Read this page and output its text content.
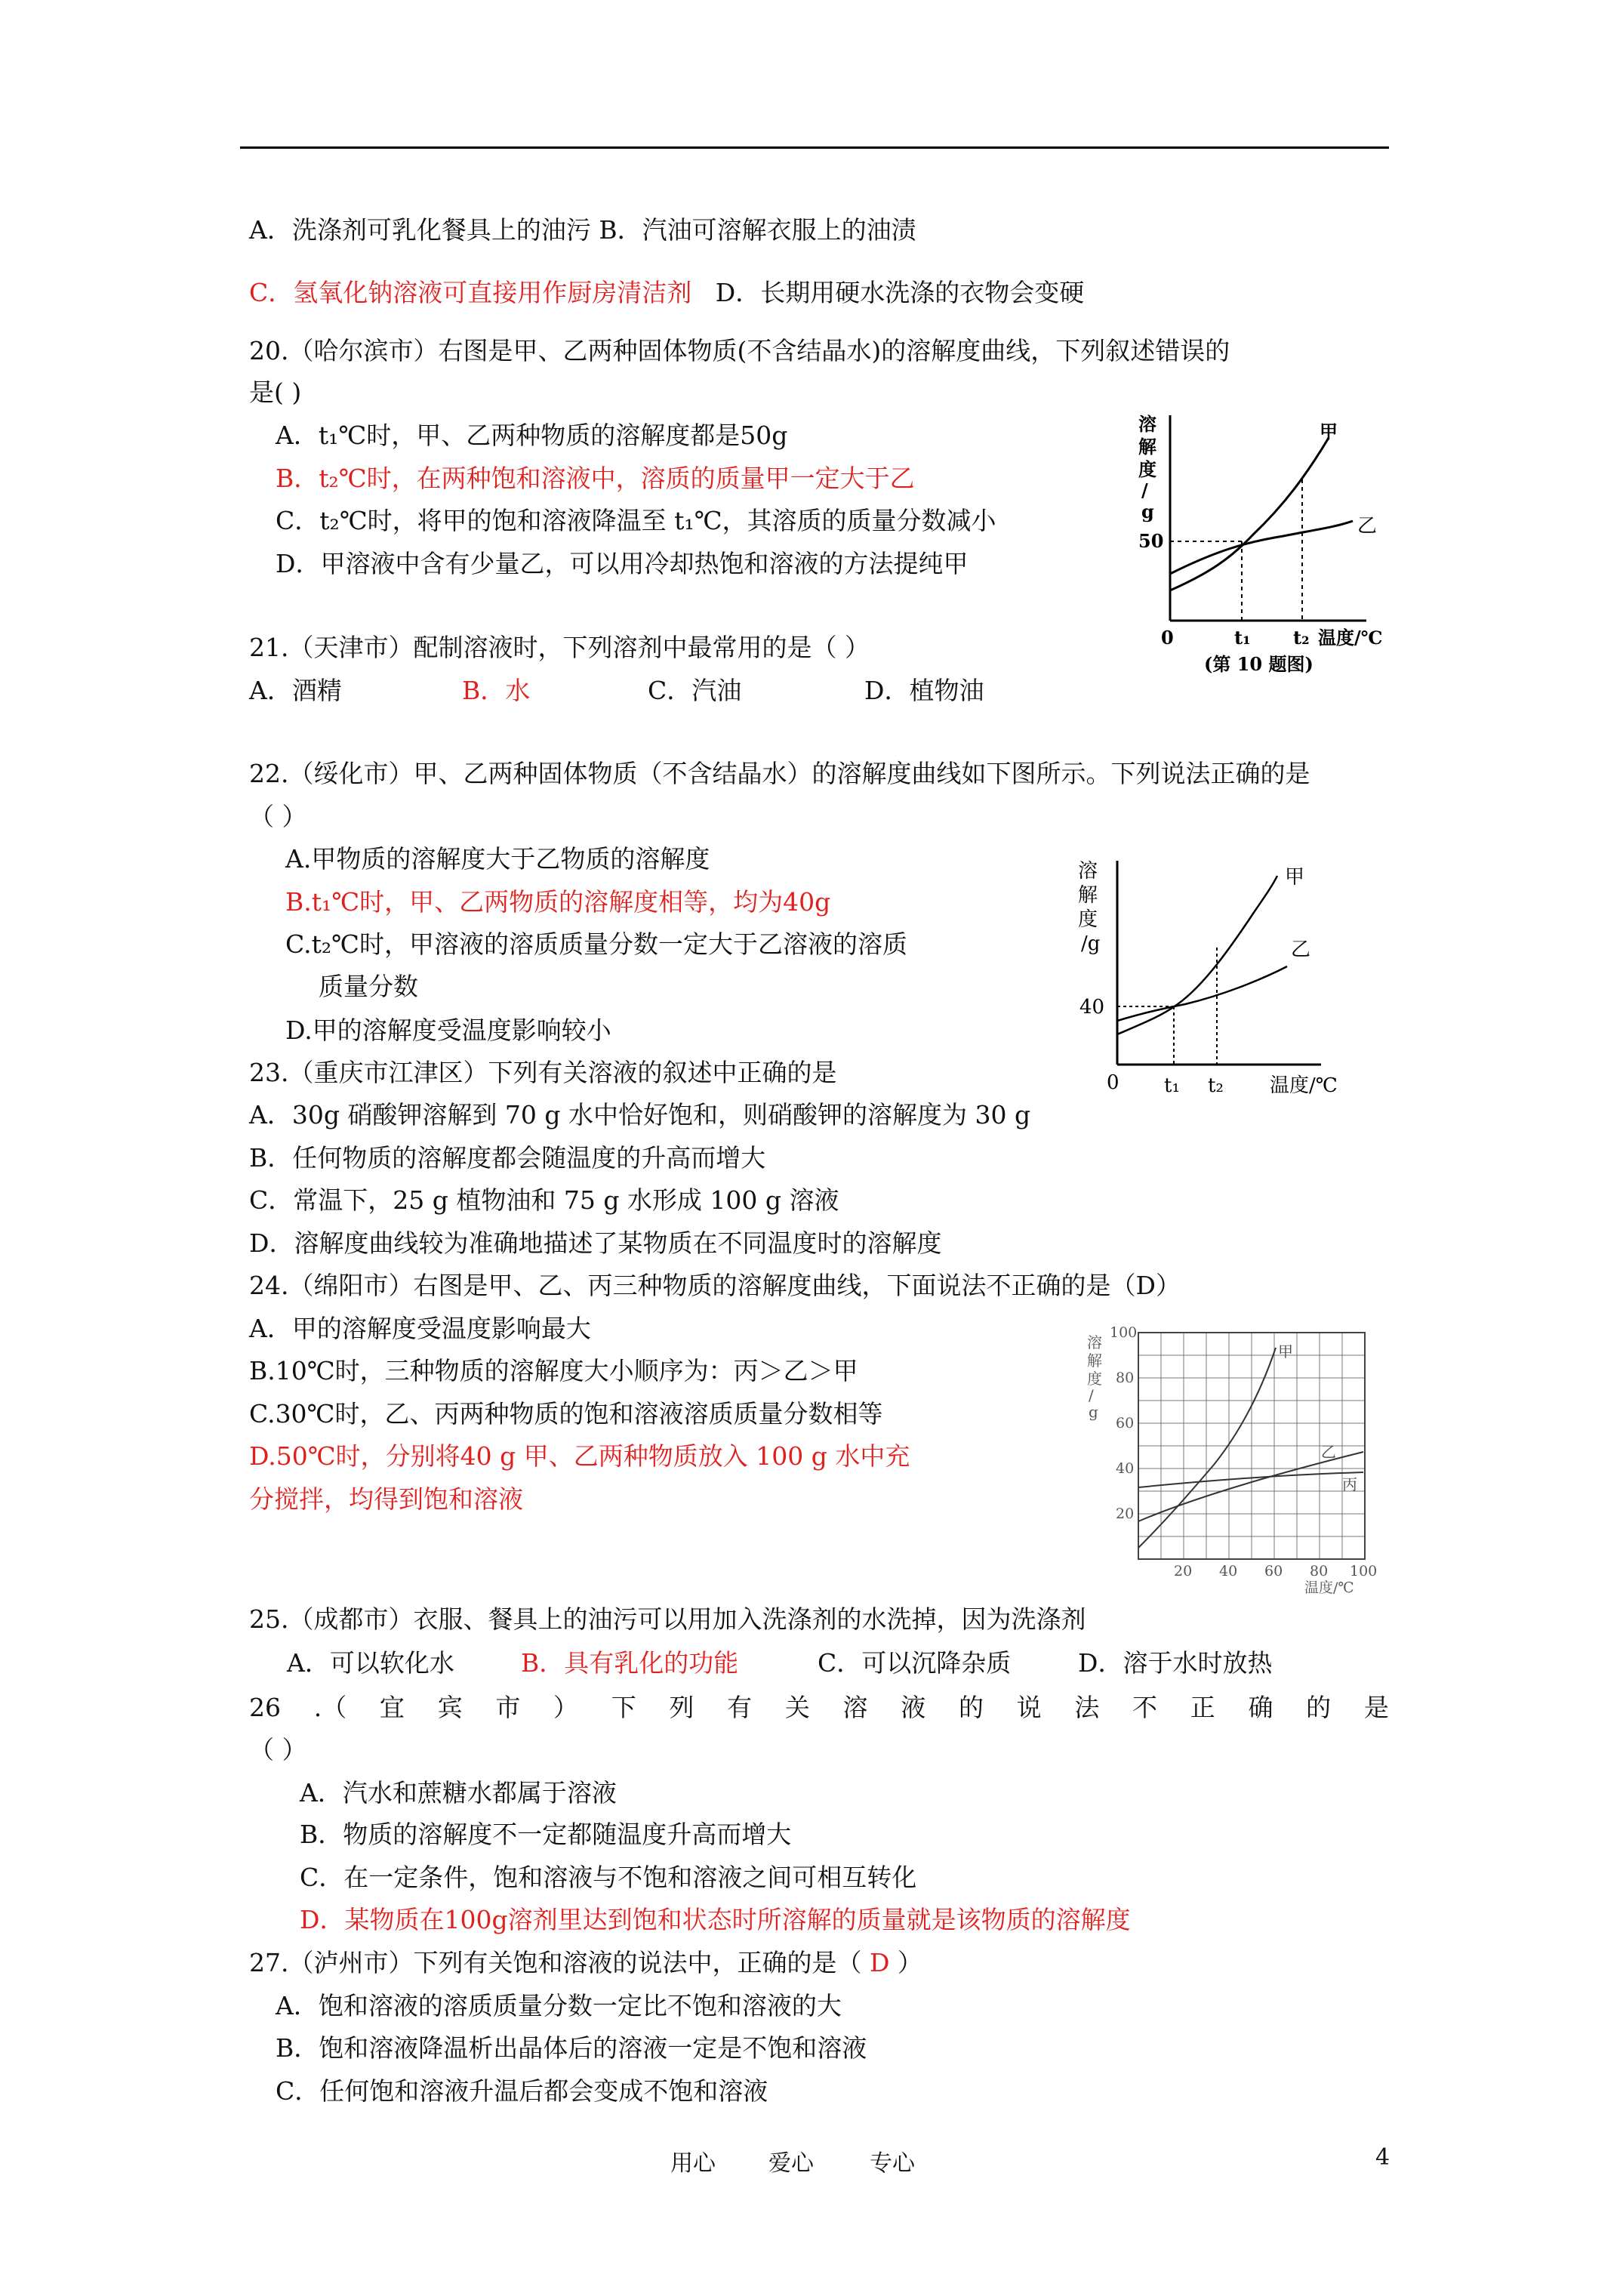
A．洗涤剂可乳化餐具上的油污 B．汽油可溶解衣服上的油渍
C．氢氧化钠溶液可直接用作厨房清洁剂 D．长期用硬水洗涤的衣物会变硬
20.（哈尔滨市）右图是甲、乙两种固体物质(不含结晶水)的溶解度曲线，下列叙述错误的
是( )
A．t₁℃时，甲、乙两种物质的溶解度都是50g
B．t₂℃时，在两种饱和溶液中，溶质的质量甲一定大于乙
C．t₂℃时，将甲的饱和溶液降温至 t₁℃，其溶质的质量分数减小
D．甲溶液中含有少量乙，可以用冷却热饱和溶液的方法提纯甲
溶
解
度
/
g
50
甲
乙
0	t₁ t₂ 温度/℃
(第 10 题图)
21.（天津市）配制溶液时，下列溶剂中最常用的是（ ）
A．酒精	B．水	C．汽油	D．植物油
22.（绥化市）甲、乙两种固体物质（不含结晶水）的溶解度曲线如下图所示。下列说法正确的是
（ ）
A.甲物质的溶解度大于乙物质的溶解度
B.t₁℃时，甲、乙两物质的溶解度相等，均为40g
C.t₂℃时，甲溶液的溶质质量分数一定大于乙溶液的溶质
质量分数
D.甲的溶解度受温度影响较小
溶
解
度
/g
40
甲
乙
0 t₁ t₂ 温度/℃
23.（重庆市江津区）下列有关溶液的叙述中正确的是
A．30g 硝酸钾溶解到 70 g 水中恰好饱和，则硝酸钾的溶解度为 30 g
B．任何物质的溶解度都会随温度的升高而增大
C．常温下，25 g 植物油和 75 g 水形成 100 g 溶液
D．溶解度曲线较为准确地描述了某物质在不同温度时的溶解度
24.（绵阳市）右图是甲、乙、丙三种物质的溶解度曲线，下面说法不正确的是（D）
A．甲的溶解度受温度影响最大
B.10℃时，三种物质的溶解度大小顺序为：丙＞乙＞甲
C.30℃时，乙、丙两种物质的饱和溶液溶质质量分数相等
D.50℃时，分别将40 g 甲、乙两种物质放入 100 g 水中充
分搅拌，均得到饱和溶液
溶
解
度
/
g
100
80
60
40
20
20 40 60 80 100
温度/℃
甲
乙
丙
25.（成都市）衣服、餐具上的油污可以用加入洗涤剂的水洗掉，因为洗涤剂
A．可以软化水	B．具有乳化的功能	C．可以沉降杂质	D．溶于水时放热
26 .（ 宜 宾 市 ） 下 列 有 关 溶 液 的 说 法 不 正 确 的 是
（ ）
A．汽水和蔗糖水都属于溶液
B．物质的溶解度不一定都随温度升高而增大
C．在一定条件，饱和溶液与不饱和溶液之间可相互转化
D．某物质在100g溶剂里达到饱和状态时所溶解的质量就是该物质的溶解度
27.（泸州市）下列有关饱和溶液的说法中，正确的是（ D ）
A．饱和溶液的溶质质量分数一定比不饱和溶液的大
B．饱和溶液降温析出晶体后的溶液一定是不饱和溶液
C．任何饱和溶液升温后都会变成不饱和溶液
用心 爱心 专心	4
